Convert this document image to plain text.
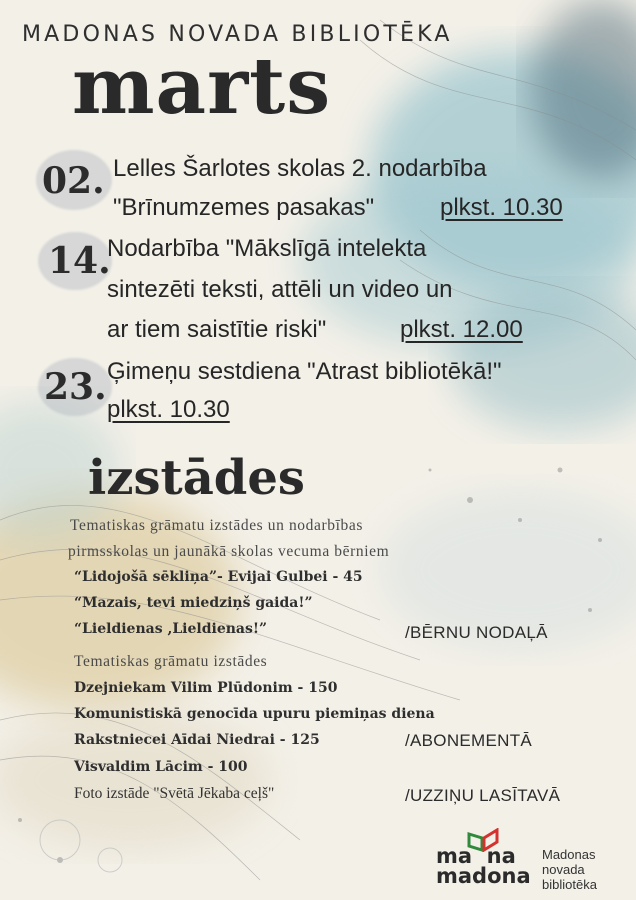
MADONAS NOVADA BIBLIOTĒKA
marts
02. Lelles Šarlotes skolas 2. nodarbība
"Brīnumzemes pasakas"	plkst. 10.30
14.
Nodarbība "Mākslīgā intelekta
sintezēti teksti, attēli un video un
ar tiem saistītie riski"	plkst. 12.00
23. Ģimeņu sestdiena "Atrast bibliotēkā!"
plkst. 10.30
izstādes
Tematiskas grāmatu izstādes un nodarbības
pirmsskolas un jaunākā skolas vecuma bērniem
“Lidojošā sēkliņa”- Evijai Gulbei - 45
“Mazais, tevi miedziņš gaida!”
“Lieldienas ,Lieldienas!”	/BĒRNU NODAĻĀ
Tematiskas grāmatu izstādes
Dzejniekam Vilim Plūdonim - 150
Komunistiskā genocīda upuru piemiņas diena
Rakstniecei Aīdai Niedrai - 125	/ABONEMENTĀ
Visvaldim Lācim - 100
Foto izstāde "Svētā Jēkaba ceļš"	/UZZIŅU LASĪTAVĀ
ma  na
madona
Madonas
novada
bibliotēka
